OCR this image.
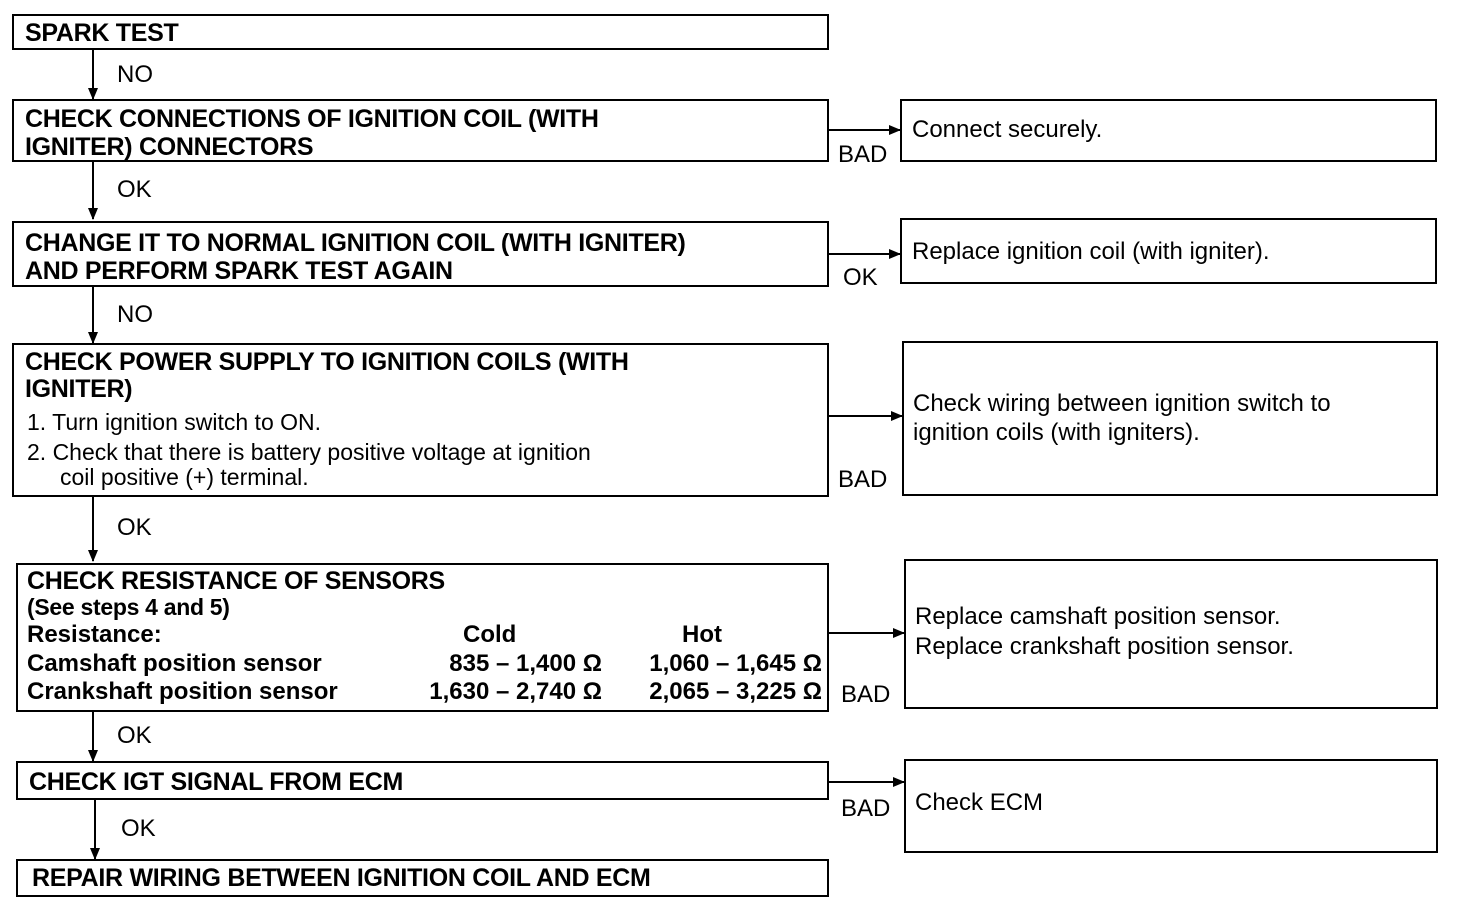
SPARK TEST
CHECK CONNECTIONS OF IGNITION COIL (WITH
IGNITER) CONNECTORS
CHANGE IT TO NORMAL IGNITION COIL (WITH IGNITER)
AND PERFORM SPARK TEST AGAIN
CHECK POWER SUPPLY TO IGNITION COILS (WITH
IGNITER)
1. Turn ignition switch to ON.
2. Check that there is battery positive voltage at ignition
coil positive (+) terminal.
CHECK RESISTANCE OF SENSORS
(See steps 4 and 5)
Resistance:	Cold	Hot
Camshaft position sensor	835 – 1,400 Ω	1,060 – 1,645 Ω
Crankshaft position sensor	1,630 – 2,740 Ω	2,065 – 3,225 Ω
CHECK IGT SIGNAL FROM ECM
REPAIR WIRING BETWEEN IGNITION COIL AND ECM
Connect securely.
Replace ignition coil (with igniter).
Check wiring between ignition switch to
ignition coils (with igniters).
Replace camshaft position sensor.
Replace crankshaft position sensor.
Check ECM
NO
OK
NO
OK
OK
OK
BAD
OK
BAD
BAD
BAD
